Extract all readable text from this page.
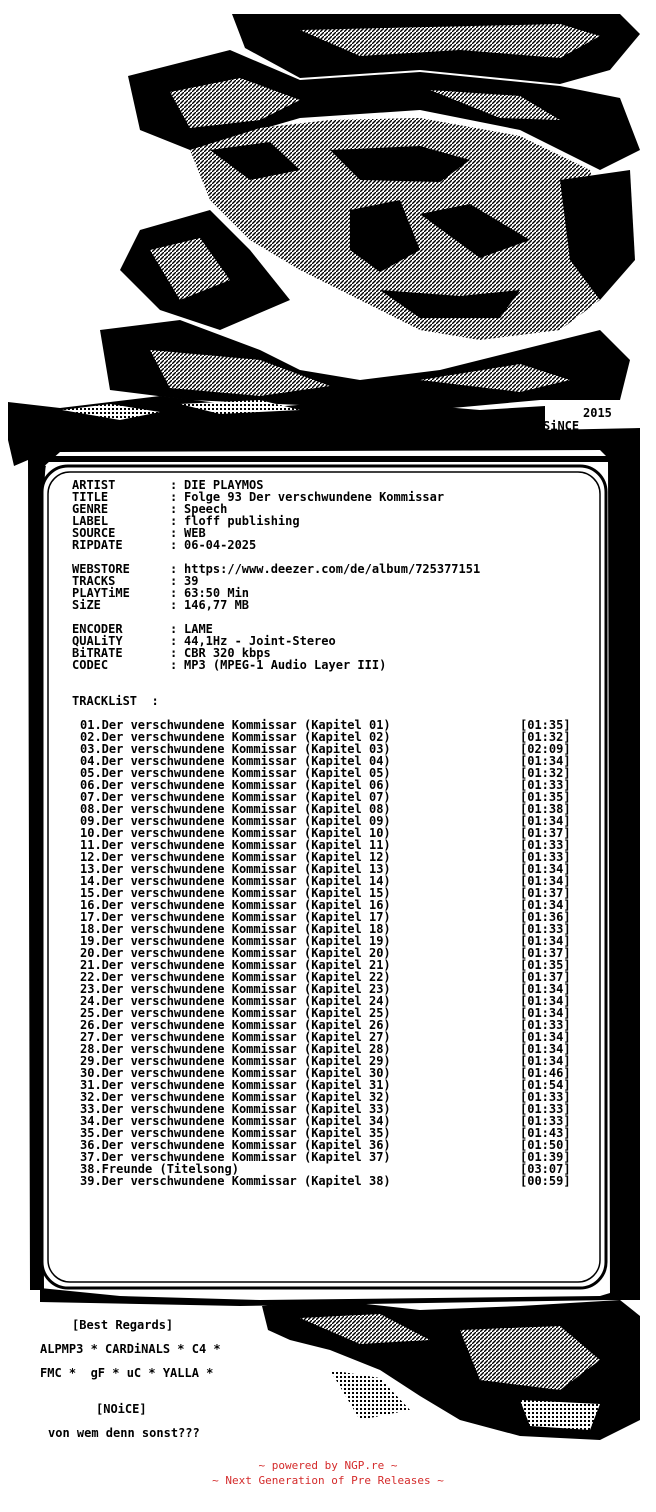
2015
SiNCE

ARTIST	: DIE PLAYMOS

TITLE	: Folge 93 Der verschwundene Kommissar

GENRE	: Speech

LABEL	: floff publishing

SOURCE	: WEB

RIPDATE	: 06-04-2025

WEBSTORE	: https://www.deezer.com/de/album/725377151

TRACKS	: 39

PLAYTiME	: 63:50 Min

SiZE	: 146,77 MB

ENCODER	: LAME

QUALiTY	: 44,1Hz - Joint-Stereo

BiTRATE	: CBR 320 kbps

CODEC	: MP3 (MPEG-1 Audio Layer III)

TRACKLiST  :

01.Der verschwundene Kommissar (Kapitel 01)	[01:35]
02.Der verschwundene Kommissar (Kapitel 02)	[01:32]
03.Der verschwundene Kommissar (Kapitel 03)	[02:09]
04.Der verschwundene Kommissar (Kapitel 04)	[01:34]
05.Der verschwundene Kommissar (Kapitel 05)	[01:32]
06.Der verschwundene Kommissar (Kapitel 06)	[01:33]
07.Der verschwundene Kommissar (Kapitel 07)	[01:35]
08.Der verschwundene Kommissar (Kapitel 08)	[01:38]
09.Der verschwundene Kommissar (Kapitel 09)	[01:34]
10.Der verschwundene Kommissar (Kapitel 10)	[01:37]
11.Der verschwundene Kommissar (Kapitel 11)	[01:33]
12.Der verschwundene Kommissar (Kapitel 12)	[01:33]
13.Der verschwundene Kommissar (Kapitel 13)	[01:34]
14.Der verschwundene Kommissar (Kapitel 14)	[01:34]
15.Der verschwundene Kommissar (Kapitel 15)	[01:37]
16.Der verschwundene Kommissar (Kapitel 16)	[01:34]
17.Der verschwundene Kommissar (Kapitel 17)	[01:36]
18.Der verschwundene Kommissar (Kapitel 18)	[01:33]
19.Der verschwundene Kommissar (Kapitel 19)	[01:34]
20.Der verschwundene Kommissar (Kapitel 20)	[01:37]
21.Der verschwundene Kommissar (Kapitel 21)	[01:35]
22.Der verschwundene Kommissar (Kapitel 22)	[01:37]
23.Der verschwundene Kommissar (Kapitel 23)	[01:34]
24.Der verschwundene Kommissar (Kapitel 24)	[01:34]
25.Der verschwundene Kommissar (Kapitel 25)	[01:34]
26.Der verschwundene Kommissar (Kapitel 26)	[01:33]
27.Der verschwundene Kommissar (Kapitel 27)	[01:34]
28.Der verschwundene Kommissar (Kapitel 28)	[01:34]
29.Der verschwundene Kommissar (Kapitel 29)	[01:34]
30.Der verschwundene Kommissar (Kapitel 30)	[01:46]
31.Der verschwundene Kommissar (Kapitel 31)	[01:54]
32.Der verschwundene Kommissar (Kapitel 32)	[01:33]
33.Der verschwundene Kommissar (Kapitel 33)	[01:33]
34.Der verschwundene Kommissar (Kapitel 34)	[01:33]
35.Der verschwundene Kommissar (Kapitel 35)	[01:43]
36.Der verschwundene Kommissar (Kapitel 36)	[01:50]
37.Der verschwundene Kommissar (Kapitel 37)	[01:39]
38.Freunde (Titelsong)	[03:07]
39.Der verschwundene Kommissar (Kapitel 38)	[00:59]
[Best Regards]
ALPMP3 * CARDiNALS * C4 *
FMC *  gF * uC * YALLA *
[NOiCE]
von wem denn sonst???
~ powered by NGP.re ~
~ Next Generation of Pre Releases ~
